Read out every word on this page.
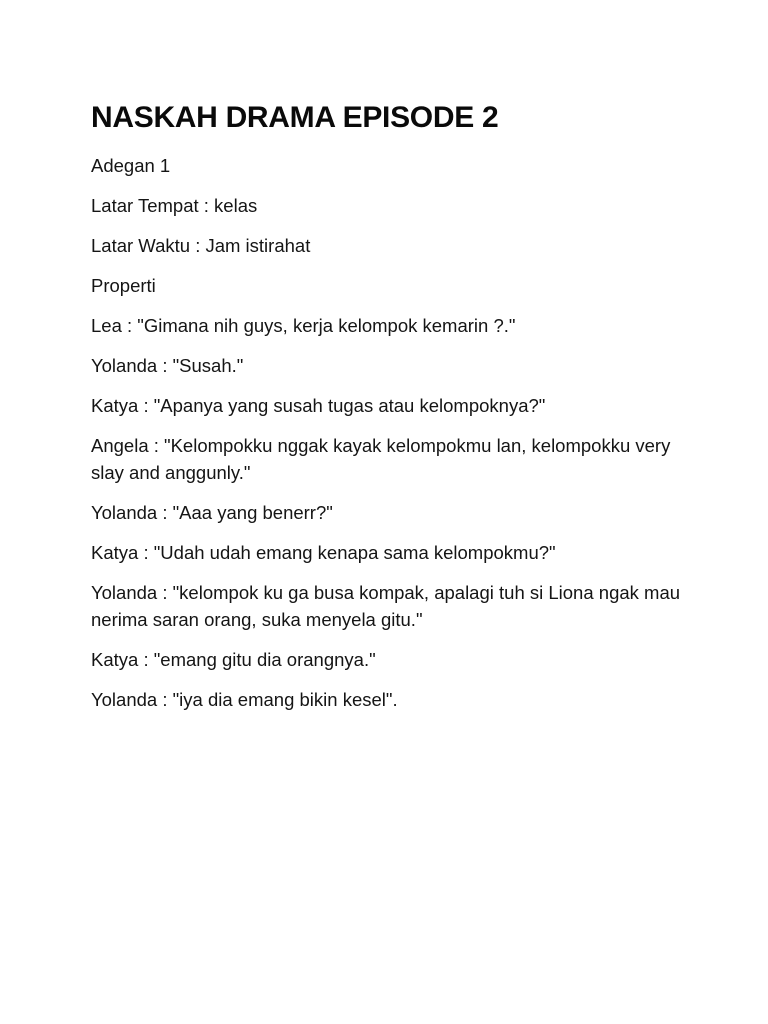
NASKAH DRAMA EPISODE 2

Adegan 1

Latar Tempat : kelas

Latar Waktu : Jam istirahat

Properti

Lea : "Gimana nih guys, kerja kelompok kemarin ?."

Yolanda : "Susah."

Katya : "Apanya yang susah tugas atau kelompoknya?"

Angela : "Kelompokku nggak kayak kelompokmu lan, kelompokku very slay and anggunly."

Yolanda : "Aaa yang benerr?"

Katya : "Udah udah emang kenapa sama kelompokmu?"

Yolanda : "kelompok ku ga busa kompak, apalagi tuh si Liona ngak mau nerima saran orang, suka menyela gitu."

Katya : "emang gitu dia orangnya."

Yolanda : "iya dia emang bikin kesel".
